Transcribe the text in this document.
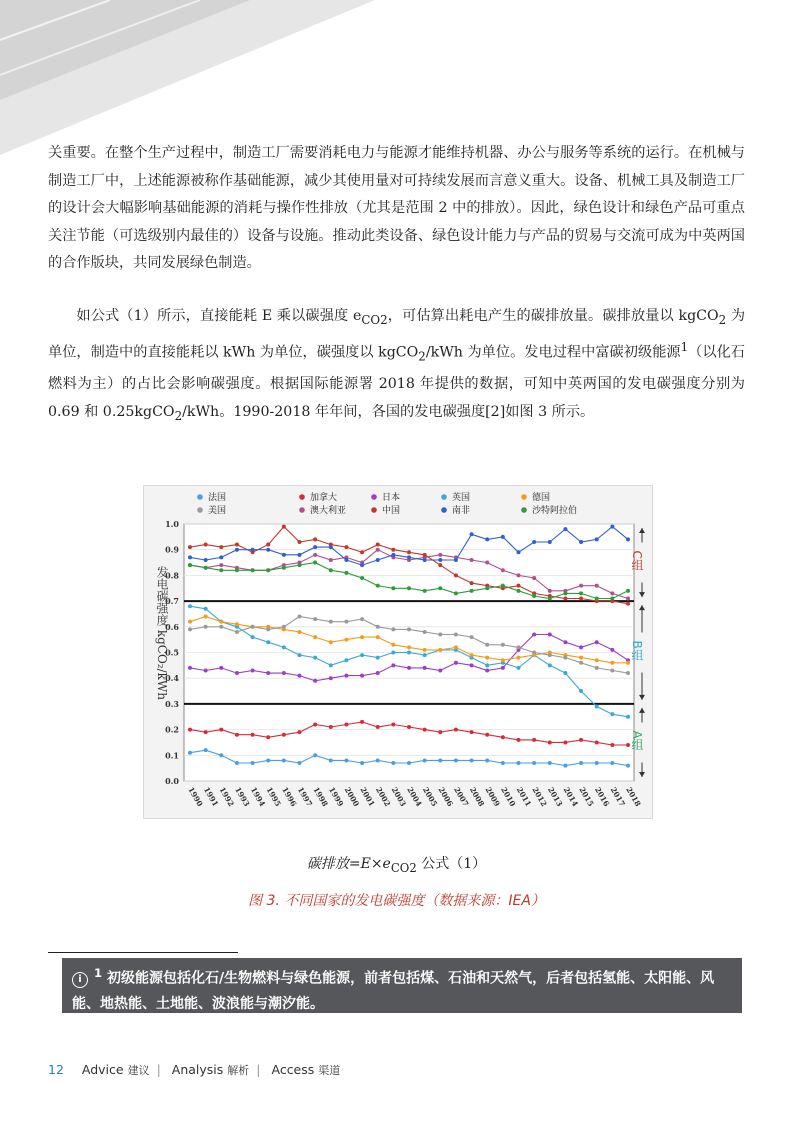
关重要。在整个生产过程中，制造工厂需要消耗电力与能源才能维持机器、办公与服务等系统的运行。在机械与制造工厂中，上述能源被称作基础能源，减少其使用量对可持续发展而言意义重大。设备、机械工具及制造工厂的设计会大幅影响基础能源的消耗与操作性排放（尤其是范围 2 中的排放）。因此，绿色设计和绿色产品可重点关注节能（可选级别内最佳的）设备与设施。推动此类设备、绿色设计能力与产品的贸易与交流可成为中英两国的合作版块，共同发展绿色制造。

如公式（1）所示，直接能耗 E 乘以碳强度 $e_{CO2}$，可估算出耗电产生的碳排放量。碳排放量以 kgCO$_2$ 为单位，制造中的直接能耗以 kWh 为单位，碳强度以 kgCO$_2$/kWh 为单位。发电过程中富碳初级能源$^1$（以化石燃料为主）的占比会影响碳强度。根据国际能源署 2018 年提供的数据，可知中英两国的发电碳强度分别为 0.69 和 0.25kgCO$_2$/kWh。1990-2018 年年间，各国的发电碳强度[2]如图 3 所示。

0.0
0.1
0.2
0.3
0.4
0.5
0.6
0.7
0.8
0.9
1.0
1990
1991
1992
1993
1994
1995
1996
1997
1998
1999
2000
2001
2002
2003
2004
2005
2006
2007
2008
2009
2010
2011
2012
2013
2014
2015
2016
2017
2018
法国	加拿大	日本	英国	德国
美国	澳大利亚	中国	南非	沙特阿拉伯
发电碳强度 kgCO₂/kWh
C组
B组
A组
碳排放$=E\times e_{CO2}$ 公式（1）
图 3. 不同国家的发电碳强度（数据来源：IEA）
i $^1$ 初级能源包括化石/生物燃料与绿色能源，前者包括煤、石油和天然气，后者包括氢能、太阳能、风能、地热能、土地能、波浪能与潮汐能。
12 Advice 建议 | Analysis 解析 | Access 渠道
